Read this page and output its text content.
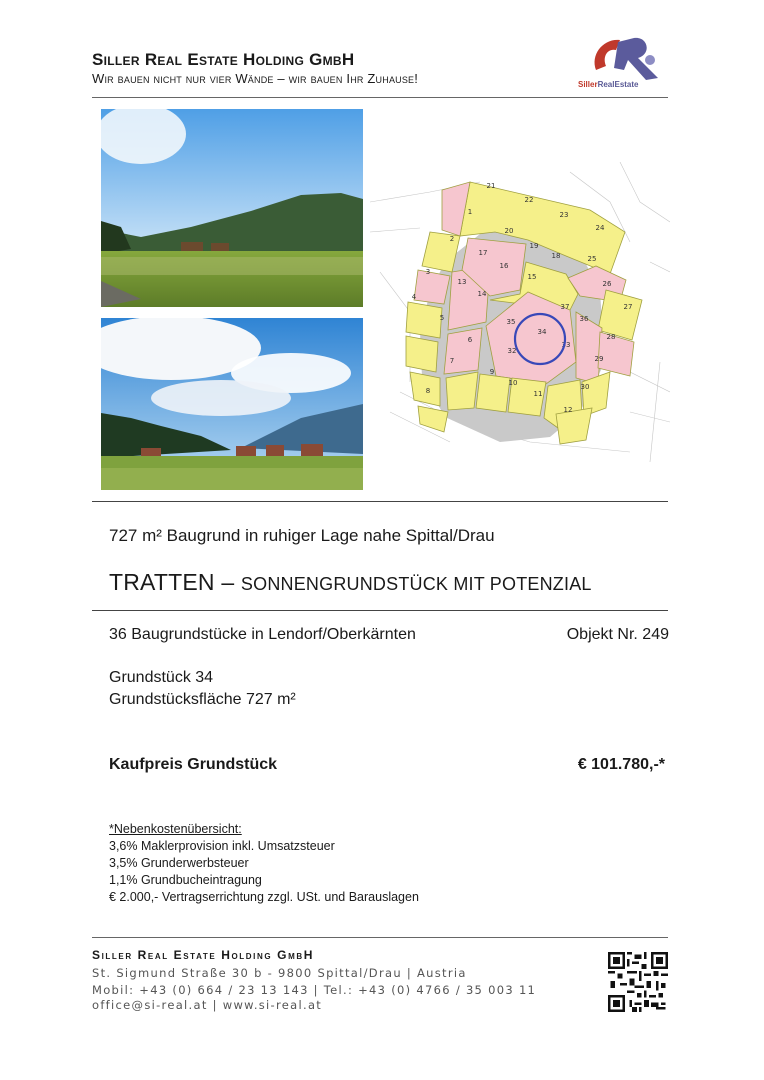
Siller Real Estate Holding GmbH
Wir bauen nicht nur vier Wände – wir bauen Ihr Zuhause!	SillerRealEstate
21
22
23
24
1
20
19
2
17	18	25
16
3
15
13	26
14
4
37	27
5	35	36
34
28
6
33
32
7	29
9
10	30
8	11
12
727 m² Baugrund in ruhiger Lage nahe Spittal/Drau
TRATTEN – SONNENGRUNDSTÜCK MIT POTENZIAL
36 Baugrundstücke in Lendorf/Oberkärnten	Objekt Nr. 249
Grundstück 34
Grundstücksfläche 727 m²
Kaufpreis Grundstück	€ 101.780,-*
*Nebenkostenübersicht:
3,6% Maklerprovision inkl. Umsatzsteuer
3,5% Grunderwerbsteuer
1,1% Grundbucheintragung
€ 2.000,- Vertragserrichtung zzgl. USt. und Barauslagen
Siller Real Estate Holding GmbH
St. Sigmund Straße 30 b - 9800 Spittal/Drau | Austria
Mobil: +43 (0) 664 / 23 13 143 | Tel.: +43 (0) 4766 / 35 003 11
office@si-real.at | www.si-real.at
